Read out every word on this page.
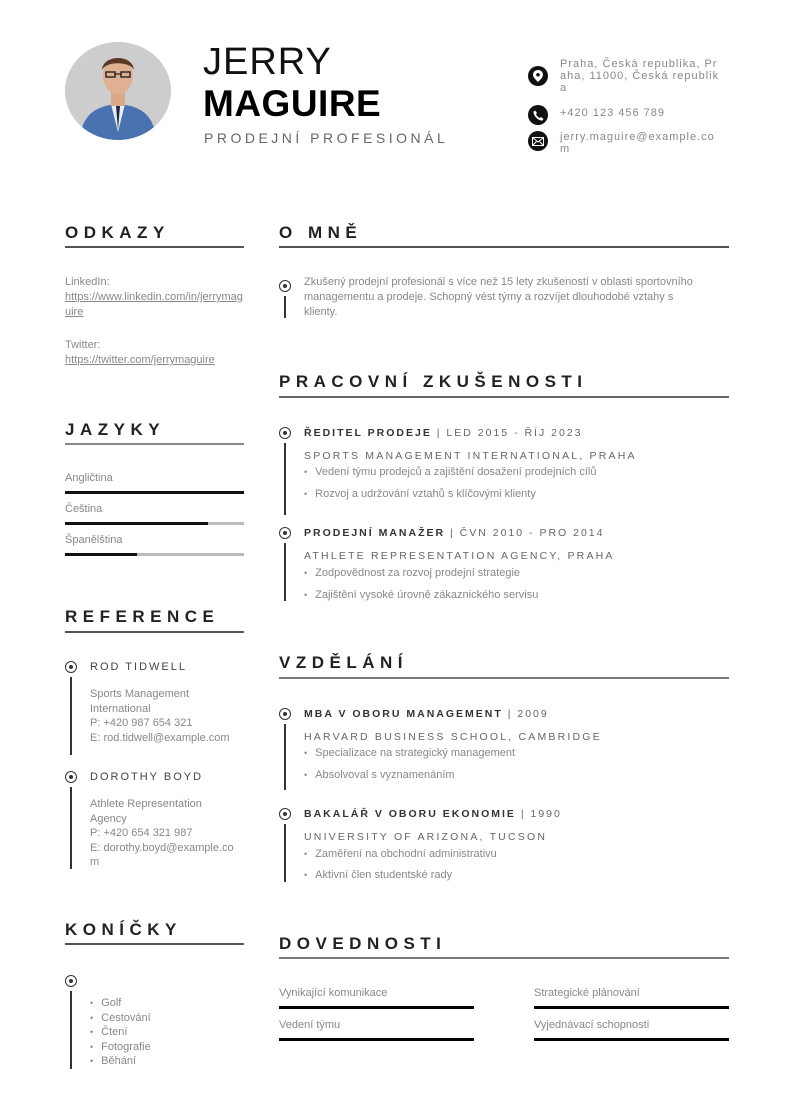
JERRY
MAGUIRE
PRODEJNÍ PROFESIONÁL
Praha, Česká republika, Praha, 11000, Česká republika
+420 123 456 789
jerry.maguire@example.com
ODKAZY
LinkedIn:
https://www.linkedin.com/in/jerrymaguire
Twitter:
https://twitter.com/jerrymaguire
JAZYKY
Angličtina
Čeština
Španělština
REFERENCE
ROD TIDWELL
Sports Management International
P: +420 987 654 321
E: rod.tidwell@example.com
DOROTHY BOYD
Athlete Representation Agency
P: +420 654 321 987
E: dorothy.boyd@example.com
KONÍČKY
• Golf
• Cestování
• Čtení
• Fotografie
• Běhání
O MNĚ
Zkušený prodejní profesionál s více než 15 lety zkušeností v oblasti sportovního managementu a prodeje. Schopný vést týmy a rozvíjet dlouhodobé vztahy s klienty.
PRACOVNÍ ZKUŠENOSTI
ŘEDITEL PRODEJE | LED 2015 - ŘÍJ 2023
SPORTS MANAGEMENT INTERNATIONAL, PRAHA
• Vedení týmu prodejců a zajištění dosažení prodejních cílů
• Rozvoj a udržování vztahů s klíčovými klienty
PRODEJNÍ MANAŽER | ČVN 2010 - PRO 2014
ATHLETE REPRESENTATION AGENCY, PRAHA
• Zodpovědnost za rozvoj prodejní strategie
• Zajištění vysoké úrovně zákaznického servisu
VZDĚLÁNÍ
MBA V OBORU MANAGEMENT | 2009
HARVARD BUSINESS SCHOOL, CAMBRIDGE
• Specializace na strategický management
• Absolvoval s vyznamenáním
BAKALÁŘ V OBORU EKONOMIE | 1990
UNIVERSITY OF ARIZONA, TUCSON
• Zaměření na obchodní administrativu
• Aktivní člen studentské rady
DOVEDNOSTI
Vynikající komunikace	Strategické plánování
Vedení týmu	Vyjednávací schopnosti
